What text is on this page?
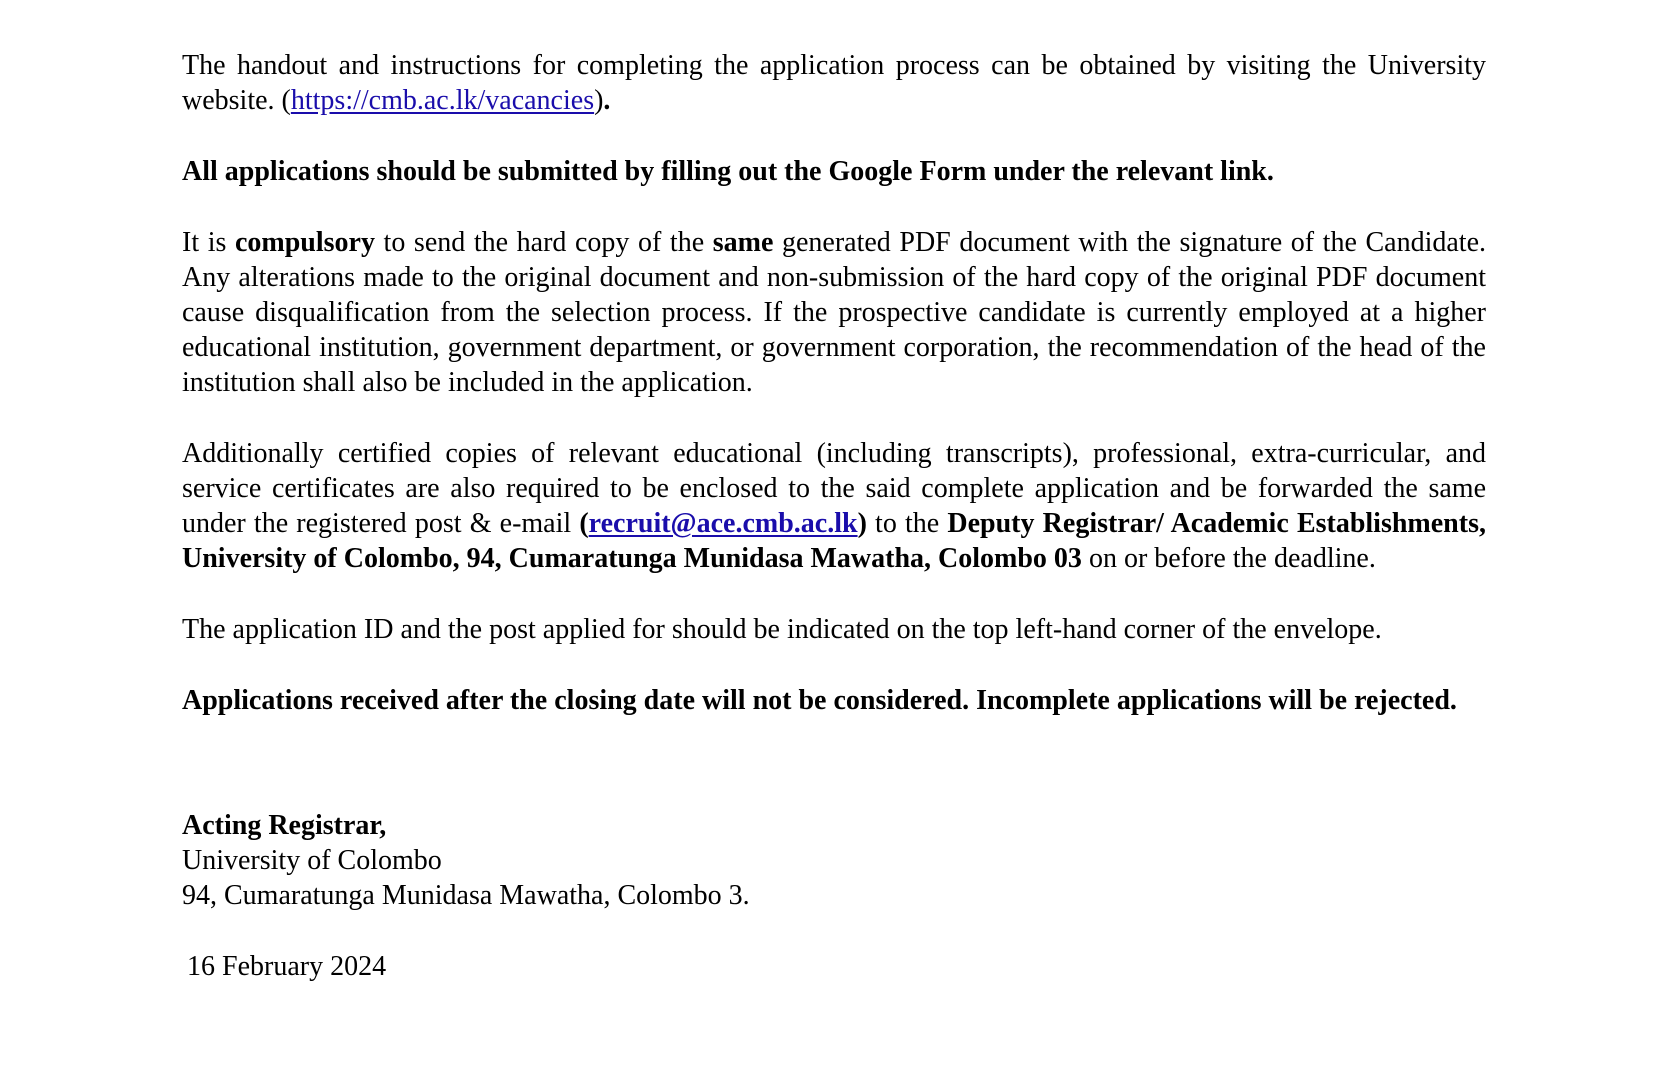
The handout and instructions for completing the application process can be obtained by visiting the University website. (https://cmb.ac.lk/vacancies).

All applications should be submitted by filling out the Google Form under the relevant link.

It is compulsory to send the hard copy of the same generated PDF document with the signature of the Candidate. Any alterations made to the original document and non-submission of the hard copy of the original PDF document cause disqualification from the selection process. If the prospective candidate is currently employed at a higher educational institution, government department, or government corporation, the recommendation of the head of the institution shall also be included in the application.

Additionally certified copies of relevant educational (including transcripts), professional, extra-curricular, and service certificates are also required to be enclosed to the said complete application and be forwarded the same under the registered post & e-mail (recruit@ace.cmb.ac.lk) to the Deputy Registrar/ Academic Establishments, University of Colombo, 94, Cumaratunga Munidasa Mawatha, Colombo 03 on or before the deadline.

The application ID and the post applied for should be indicated on the top left-hand corner of the envelope.

Applications received after the closing date will not be considered. Incomplete applications will be rejected.

Acting Registrar,
University of Colombo
94, Cumaratunga Munidasa Mawatha, Colombo 3.
16 February 2024
